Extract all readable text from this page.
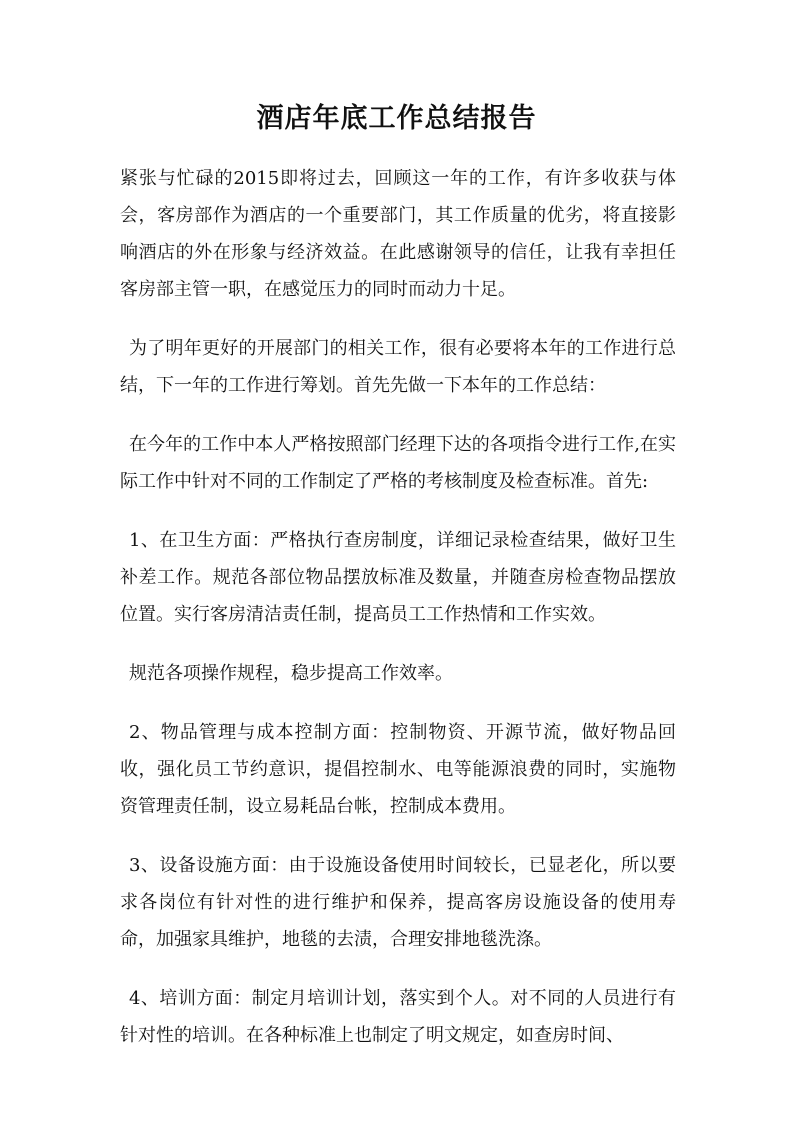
酒店年底工作总结报告

紧张与忙碌的2015即将过去，回顾这一年的工作，有许多收获与体会，客房部作为酒店的一个重要部门，其工作质量的优劣，将直接影响酒店的外在形象与经济效益。在此感谢领导的信任，让我有幸担任客房部主管一职，在感觉压力的同时而动力十足。

为了明年更好的开展部门的相关工作，很有必要将本年的工作进行总结，下一年的工作进行筹划。首先先做一下本年的工作总结：

在今年的工作中本人严格按照部门经理下达的各项指令进行工作,在实际工作中针对不同的工作制定了严格的考核制度及检查标准。首先:

1、在卫生方面：严格执行查房制度，详细记录检查结果，做好卫生补差工作。规范各部位物品摆放标准及数量，并随查房检查物品摆放位置。实行客房清洁责任制，提高员工工作热情和工作实效。

规范各项操作规程，稳步提高工作效率。

2、物品管理与成本控制方面：控制物资、开源节流，做好物品回收，强化员工节约意识，提倡控制水、电等能源浪费的同时，实施物资管理责任制，设立易耗品台帐，控制成本费用。

3、设备设施方面：由于设施设备使用时间较长，已显老化，所以要求各岗位有针对性的进行维护和保养，提高客房设施设备的使用寿命，加强家具维护，地毯的去渍，合理安排地毯洗涤。

4、培训方面：制定月培训计划，落实到个人。对不同的人员进行有针对性的培训。在各种标准上也制定了明文规定，如查房时间、
